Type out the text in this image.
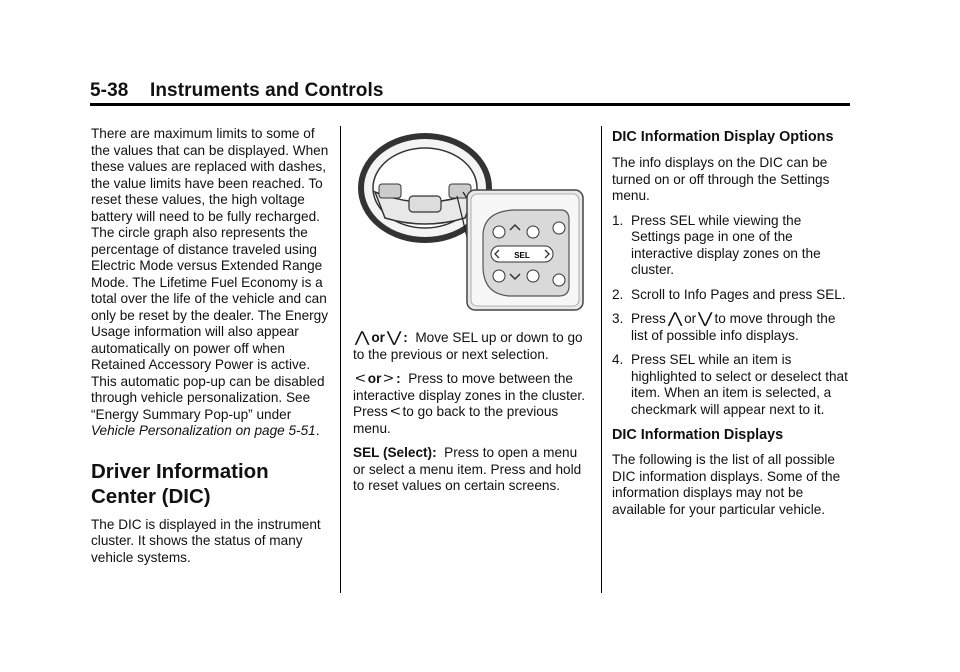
5-38    Instruments and Controls

There are maximum limits to some of the values that can be displayed. When these values are replaced with dashes, the value limits have been reached. To reset these values, the high voltage battery will need to be fully recharged. The circle graph also represents the percentage of distance traveled using Electric Mode versus Extended Range Mode. The Lifetime Fuel Economy is a total over the life of the vehicle and can only be reset by the dealer. The Energy Usage information will also appear automatically on power off when Retained Accessory Power is active. This automatic pop-up can be disabled through vehicle personalization. See “Energy Summary Pop-up” under Vehicle Personalization on page 5-51.

Driver Information Center (DIC)

The DIC is displayed in the instrument cluster. It shows the status of many vehicle systems.

SEL

⋀ or ⋁ : Move SEL up or down to go to the previous or next selection.

< or > : Press to move between the interactive display zones in the cluster. Press < to go back to the previous menu.

SEL (Select): Press to open a menu or select a menu item. Press and hold to reset values on certain screens.

DIC Information Display Options

The info displays on the DIC can be turned on or off through the Settings menu.

1. Press SEL while viewing the Settings page in one of the interactive display zones on the cluster.
2. Scroll to Info Pages and press SEL.
3. Press ⋀ or ⋁ to move through the list of possible info displays.
4. Press SEL while an item is highlighted to select or deselect that item. When an item is selected, a checkmark will appear next to it.
DIC Information Displays

The following is the list of all possible DIC information displays. Some of the information displays may not be available for your particular vehicle.
